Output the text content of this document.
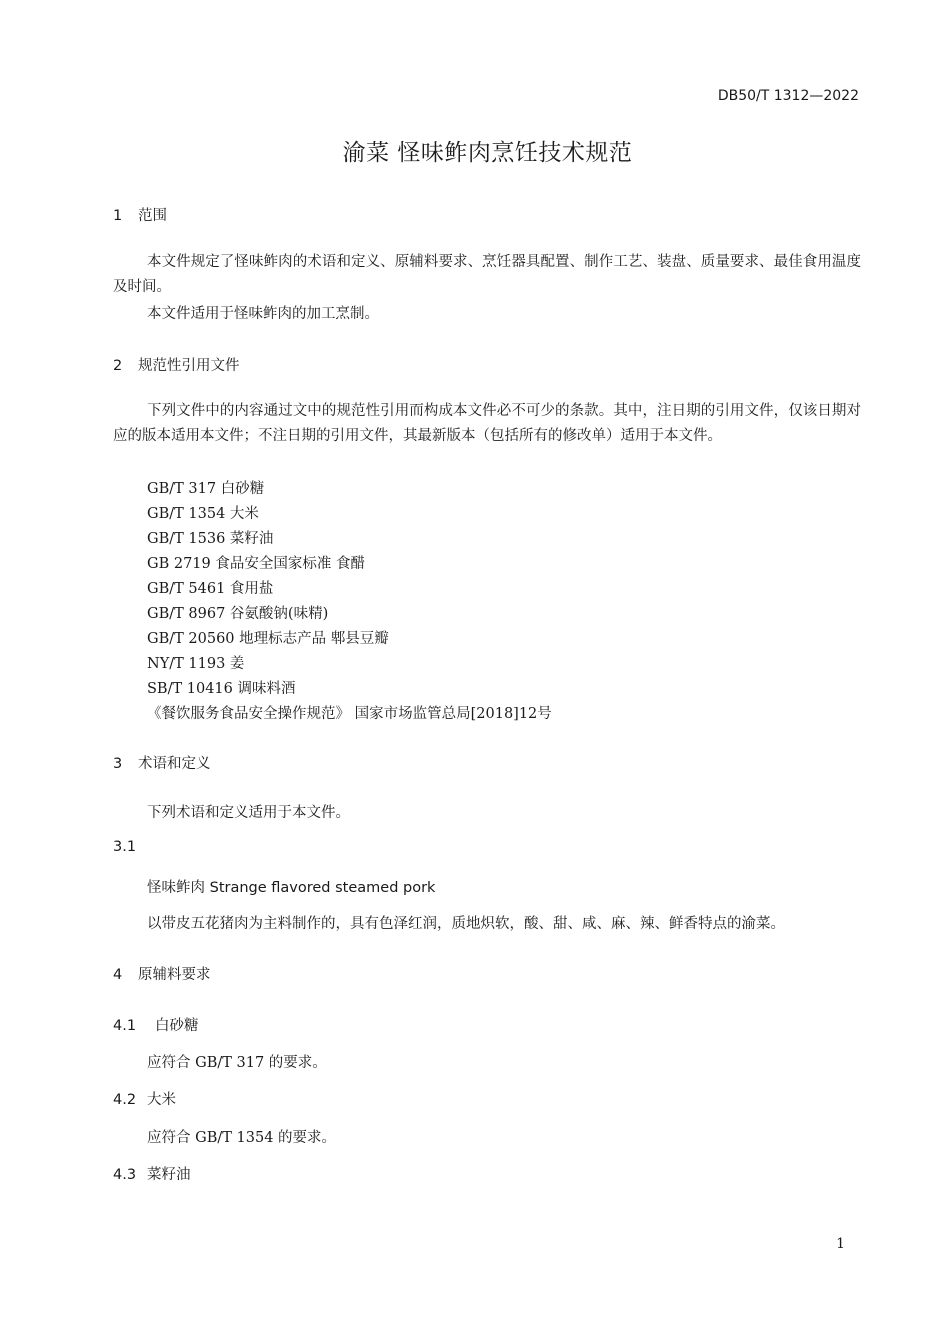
DB50/T 1312—2022
渝菜 怪味鲊肉烹饪技术规范
1 范围
本文件规定了怪味鲊肉的术语和定义、原辅料要求、烹饪器具配置、制作工艺、装盘、质量要求、最佳食用温度及时间。
本文件适用于怪味鲊肉的加工烹制。
2 规范性引用文件
下列文件中的内容通过文中的规范性引用而构成本文件必不可少的条款。其中，注日期的引用文件，仅该日期对应的版本适用本文件；不注日期的引用文件，其最新版本（包括所有的修改单）适用于本文件。
GB/T 317 白砂糖
GB/T 1354 大米
GB/T 1536 菜籽油
GB 2719 食品安全国家标准 食醋
GB/T 5461 食用盐
GB/T 8967 谷氨酸钠(味精)
GB/T 20560 地理标志产品 郫县豆瓣
NY/T 1193 姜
SB/T 10416 调味料酒
《餐饮服务食品安全操作规范》 国家市场监管总局[2018]12号
3 术语和定义
下列术语和定义适用于本文件。
3.1
怪味鲊肉 Strange flavored steamed pork
以带皮五花猪肉为主料制作的，具有色泽红润，质地炽软，酸、甜、咸、麻、辣、鲜香特点的渝菜。
4 原辅料要求
4.1 白砂糖
应符合 GB/T 317 的要求。
4.2 大米
应符合 GB/T 1354 的要求。
4.3 菜籽油
1
